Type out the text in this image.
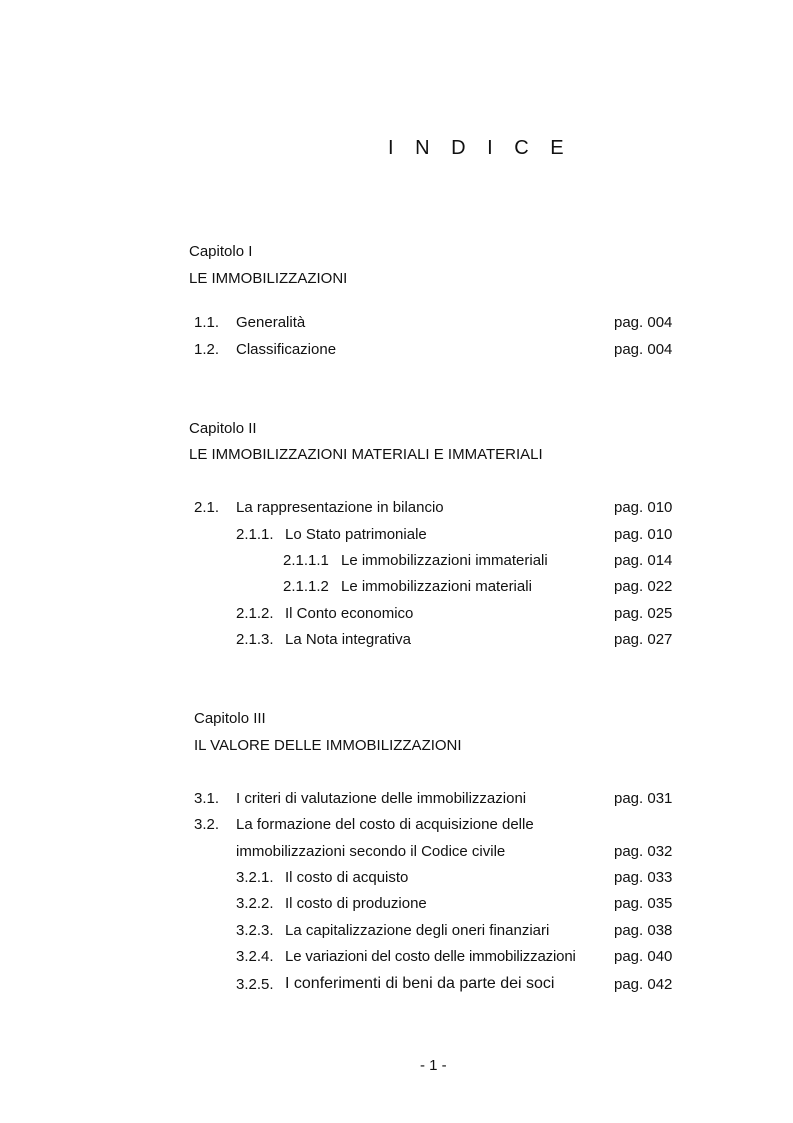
I N D I C E
Capitolo I
LE IMMOBILIZZAZIONI
1.1. Generalità	pag. 004
1.2. Classificazione	pag. 004
Capitolo II
LE IMMOBILIZZAZIONI MATERIALI E IMMATERIALI
2.1. La rappresentazione in bilancio	pag. 010
2.1.1. Lo Stato patrimoniale	pag. 010
2.1.1.1 Le immobilizzazioni immateriali	pag. 014
2.1.1.2 Le immobilizzazioni materiali	pag. 022
2.1.2. Il Conto economico	pag. 025
2.1.3. La Nota integrativa	pag. 027
Capitolo III
IL VALORE DELLE IMMOBILIZZAZIONI
3.1. I criteri di valutazione delle immobilizzazioni	pag. 031
3.2. La formazione del costo di acquisizione delle
immobilizzazioni secondo il Codice civile	pag. 032
3.2.1. Il costo di acquisto	pag. 033
3.2.2. Il costo di produzione	pag. 035
3.2.3. La capitalizzazione degli oneri finanziari	pag. 038
3.2.4. Le variazioni del costo delle immobilizzazioni	pag. 040
3.2.5. I conferimenti di beni da parte dei soci	pag. 042
- 1 -
